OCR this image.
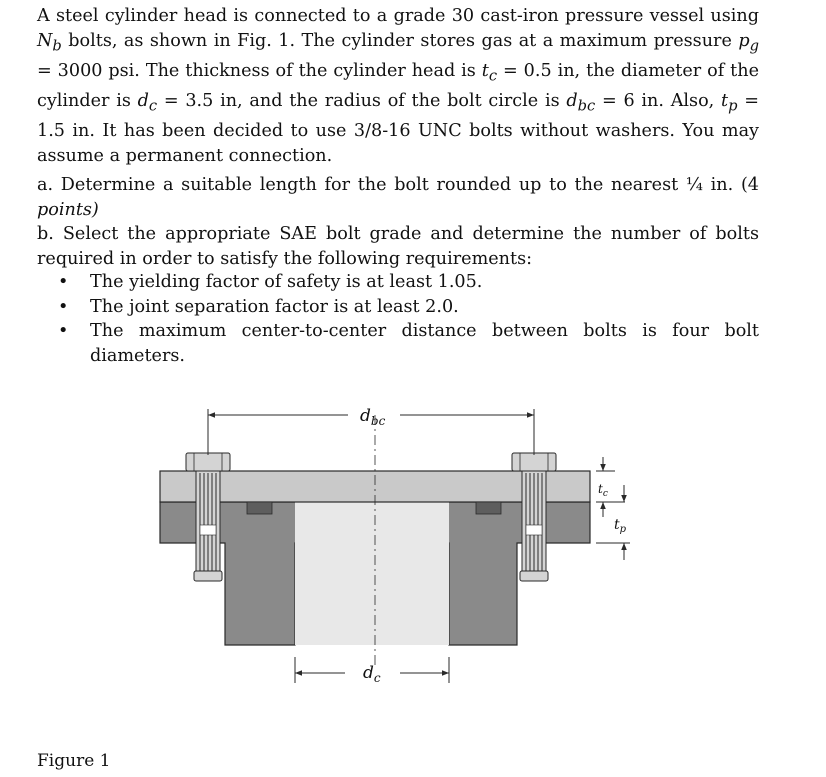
A steel cylinder head is connected to a grade 30 cast-iron pressure vessel using $N_b$ bolts, as shown in Fig. 1. The cylinder stores gas at a maximum pressure $p_g = 3000$ psi. The thickness of the cylinder head is $t_c = 0.5$ in, the diameter of the cylinder is $d_c = 3.5$ in, and the radius of the bolt circle is $d_{bc} = 6$ in. Also, $t_p = 1.5$ in. It has been decided to use 3/8-16 UNC bolts without washers. You may assume a permanent connection.

a. Determine a suitable length for the bolt rounded up to the nearest ¼ in. (4 points)

b. Select the appropriate SAE bolt grade and determine the number of bolts required in order to satisfy the following requirements:

• The yielding factor of safety is at least 1.05.
• The joint separation factor is at least 2.0.
• The maximum center-to-center distance between bolts is four bolt diameters.
$d_{bc}$
$d_c$
$t_c$
$t_p$
Figure 1
